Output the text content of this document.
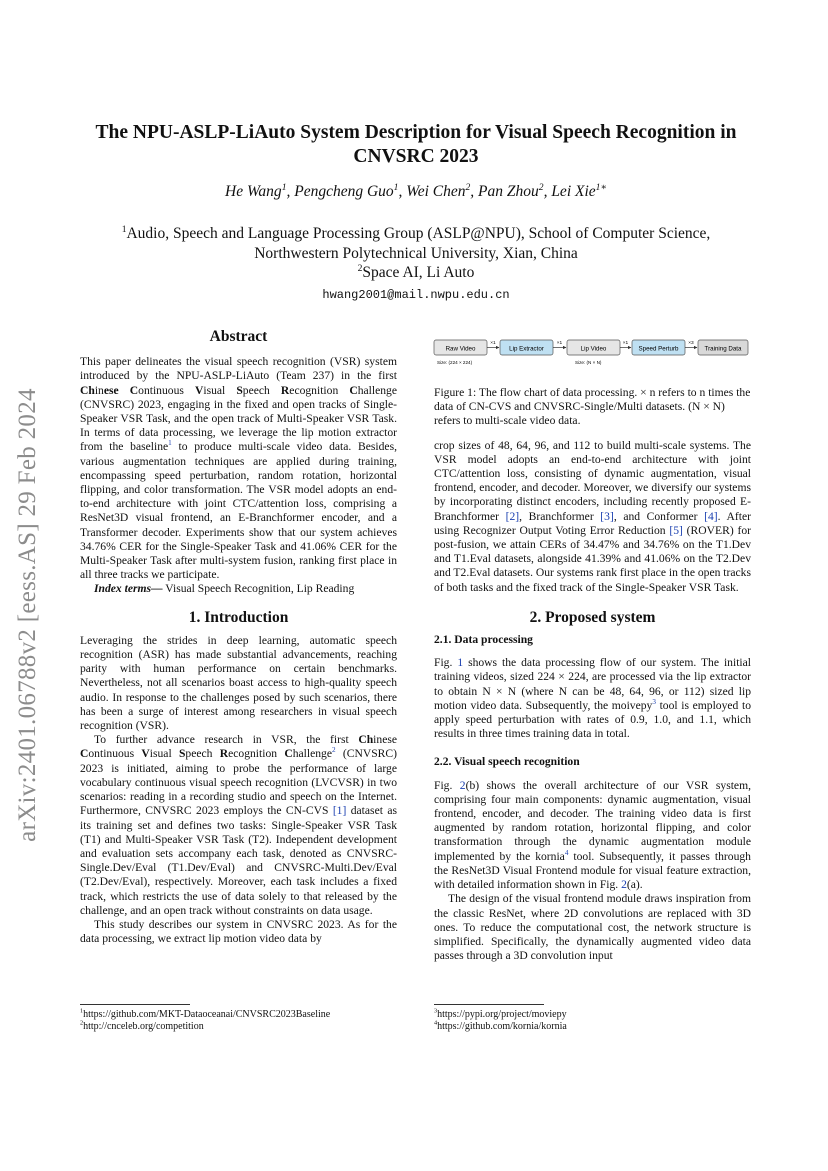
arXiv:2401.06788v2 [eess.AS] 29 Feb 2024
The NPU-ASLP-LiAuto System Description for Visual Speech Recognition in CNVSRC 2023
He Wang$^1$, Pengcheng Guo$^1$, Wei Chen$^2$, Pan Zhou$^2$, Lei Xie$^{1∗}$
$^1$Audio, Speech and Language Processing Group (ASLP@NPU), School of Computer Science,
Northwestern Polytechnical University, Xian, China
$^2$Space AI, Li Auto
hwang2001@mail.nwpu.edu.cn
Abstract

This paper delineates the visual speech recognition (VSR) system introduced by the NPU-ASLP-LiAuto (Team 237) in the first Chinese Continuous Visual Speech Recognition Challenge (CNVSRC) 2023, engaging in the fixed and open tracks of Single-Speaker VSR Task, and the open track of Multi-Speaker VSR Task. In terms of data processing, we leverage the lip motion extractor from the baseline$^1$ to produce multi-scale video data. Besides, various augmentation techniques are applied during training, encompassing speed perturbation, random rotation, horizontal flipping, and color transformation. The VSR model adopts an end-to-end architecture with joint CTC/attention loss, comprising a ResNet3D visual frontend, an E-Branchformer encoder, and a Transformer decoder. Experiments show that our system achieves 34.76% CER for the Single-Speaker Task and 41.06% CER for the Multi-Speaker Task after multi-system fusion, ranking first place in all three tracks we participate.

Index terms— Visual Speech Recognition, Lip Reading

1. Introduction

Leveraging the strides in deep learning, automatic speech recognition (ASR) has made substantial advancements, reaching parity with human performance on certain benchmarks. Nevertheless, not all scenarios boast access to high-quality speech audio. In response to the challenges posed by such scenarios, there has been a surge of interest among researchers in visual speech recognition (VSR).

To further advance research in VSR, the first Chinese Continuous Visual Speech Recognition Challenge$^2$ (CNVSRC) 2023 is initiated, aiming to probe the performance of large vocabulary continuous visual speech recognition (LVCVSR) in two scenarios: reading in a recording studio and speech on the Internet. Furthermore, CNVSRC 2023 employs the CN-CVS [1] dataset as its training set and defines two tasks: Single-Speaker VSR Task (T1) and Multi-Speaker VSR Task (T2). Independent development and evaluation sets accompany each task, denoted as CNVSRC-Single.Dev/Eval (T1.Dev/Eval) and CNVSRC-Multi.Dev/Eval (T2.Dev/Eval), respectively. Moreover, each task includes a fixed track, which restricts the use of data solely to that released by the challenge, and an open track without constraints on data usage.

This study describes our system in CNVSRC 2023. As for the data processing, we extract lip motion video data by

Raw Video	Lip Extractor	Lip Video	Speed Perturb	Training Data
×1	×1	×1	×3
Size: (224 × 224)	Size: (N × N)

Figure 1: The flow chart of data processing. × n refers to n times the data of CN-CVS and CNVSRC-Single/Multi datasets. (N × N) refers to multi-scale video data.

crop sizes of 48, 64, 96, and 112 to build multi-scale systems. The VSR model adopts an end-to-end architecture with joint CTC/attention loss, consisting of dynamic augmentation, visual frontend, encoder, and decoder. Moreover, we diversify our systems by incorporating distinct encoders, including recently proposed E-Branchformer [2], Branchformer [3], and Conformer [4]. After using Recognizer Output Voting Error Reduction [5] (ROVER) for post-fusion, we attain CERs of 34.47% and 34.76% on the T1.Dev and T1.Eval datasets, alongside 41.39% and 41.06% on the T2.Dev and T2.Eval datasets. Our systems rank first place in the open tracks of both tasks and the fixed track of the Single-Speaker VSR Task.

2. Proposed system
2.1. Data processing

Fig. 1 shows the data processing flow of our system. The initial training videos, sized 224 × 224, are processed via the lip extractor to obtain N × N (where N can be 48, 64, 96, or 112) sized lip motion video data. Subsequently, the moivepy$^3$ tool is employed to apply speed perturbation with rates of 0.9, 1.0, and 1.1, which results in three times training data in total.

2.2. Visual speech recognition

Fig. 2(b) shows the overall architecture of our VSR system, comprising four main components: dynamic augmentation, visual frontend, encoder, and decoder. The training video data is first augmented by random rotation, horizontal flipping, and color transformation through the dynamic augmentation module implemented by the kornia$^4$ tool. Subsequently, it passes through the ResNet3D Visual Frontend module for visual feature extraction, with detailed information shown in Fig. 2(a).

The design of the visual frontend module draws inspiration from the classic ResNet, where 2D convolutions are replaced with 3D ones. To reduce the computational cost, the network structure is simplified. Specifically, the dynamically augmented video data passes through a 3D convolution input

$^1$https://github.com/MKT-Dataoceanai/CNVSRC2023Baseline
$^2$http://cnceleb.org/competition
$^3$https://pypi.org/project/moviepy
$^4$https://github.com/kornia/kornia
